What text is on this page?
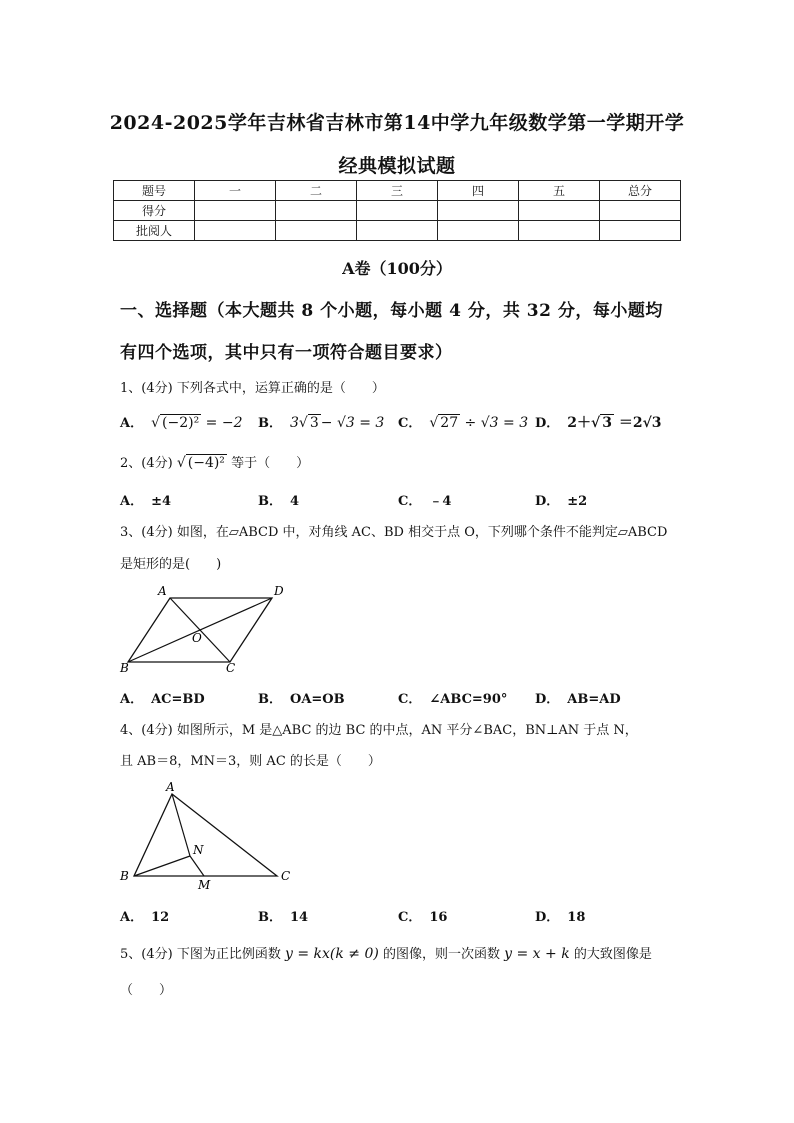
2024-2025学年吉林省吉林市第14中学九年级数学第一学期开学
经典模拟试题
题号	一	二	三	四	五	总分
得分						
批阅人						
A卷（100分）
一、选择题（本大题共 8 个小题，每小题 4 分，共 32 分，每小题均
有四个选项，其中只有一项符合题目要求）
1、(4分) 下列各式中，运算正确的是（　　）
A． √ (−2)² = −2 B． 3√ 3 − √3 = 3 C． √ 27 ÷ √3 = 3 D． 2＋√ 3 ＝2√3
2、(4分) √ (−4)² 等于（　　）
A． ±4	B． 4	C． ﹣4	D． ±2
3、(4分) 如图，在▱ABCD 中，对角线 AC、BD 相交于点 O，下列哪个条件不能判定▱ABCD
是矩形的是(　　)
A	D
B	C
O
A． AC=BD	B． OA=OB	C． ∠ABC=90° D． AB=AD
4、(4分) 如图所示，M 是△ABC 的边 BC 的中点，AN 平分∠BAC，BN⊥AN 于点 N，
且 AB＝8，MN＝3，则 AC 的长是（　　）
A
B	C
N
M
A． 12	B． 14	C． 16	D． 18
5、(4分) 下图为正比例函数 y = kx(k ≠ 0) 的图像，则一次函数 y = x + k 的大致图像是
（　　）
